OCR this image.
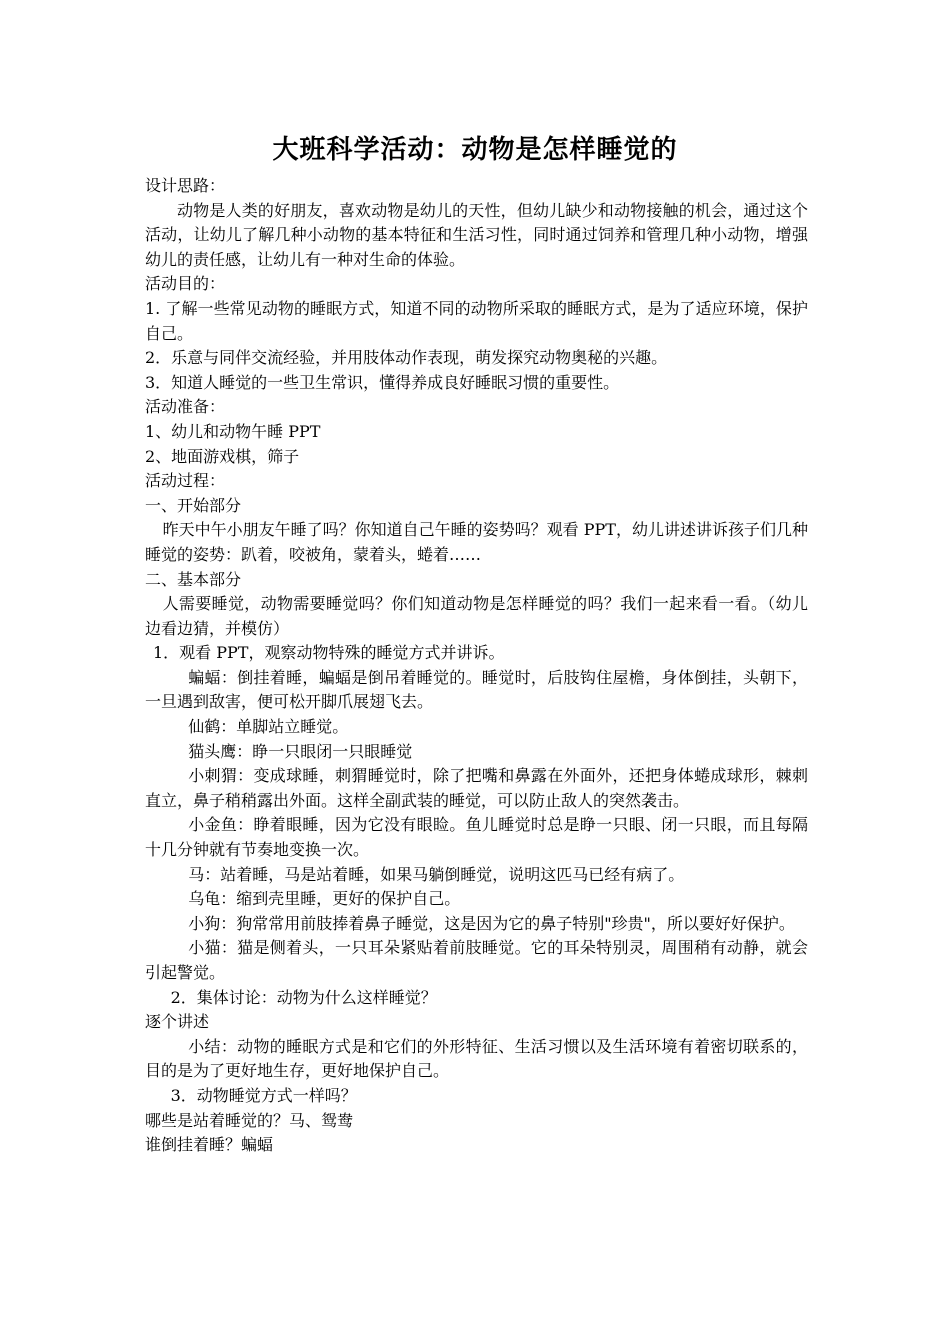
大班科学活动：动物是怎样睡觉的

设计思路：

动物是人类的好朋友，喜欢动物是幼儿的天性，但幼儿缺少和动物接触的机会，通过这个活动，让幼儿了解几种小动物的基本特征和生活习性，同时通过饲养和管理几种小动物，增强幼儿的责任感，让幼儿有一种对生命的体验。

活动目的：

1. 了解一些常见动物的睡眠方式，知道不同的动物所采取的睡眠方式，是为了适应环境，保护自己。

2．乐意与同伴交流经验，并用肢体动作表现，萌发探究动物奥秘的兴趣。

3．知道人睡觉的一些卫生常识，懂得养成良好睡眠习惯的重要性。

活动准备：

1、幼儿和动物午睡 PPT

2、地面游戏棋，筛子

活动过程：

一、开始部分

昨天中午小朋友午睡了吗？你知道自己午睡的姿势吗？观看 PPT，幼儿讲述讲诉孩子们几种睡觉的姿势：趴着，咬被角，蒙着头，蜷着……

二、基本部分

人需要睡觉，动物需要睡觉吗？你们知道动物是怎样睡觉的吗？我们一起来看一看。（幼儿边看边猜，并模仿）

1．观看 PPT，观察动物特殊的睡觉方式并讲诉。

蝙蝠：倒挂着睡，蝙蝠是倒吊着睡觉的。睡觉时，后肢钩住屋檐，身体倒挂，头朝下，一旦遇到敌害，便可松开脚爪展翅飞去。

仙鹤：单脚站立睡觉。

猫头鹰：睁一只眼闭一只眼睡觉

小刺猬：变成球睡，刺猬睡觉时，除了把嘴和鼻露在外面外，还把身体蜷成球形，棘刺直立，鼻子稍稍露出外面。这样全副武装的睡觉，可以防止敌人的突然袭击。

小金鱼：睁着眼睡，因为它没有眼睑。鱼儿睡觉时总是睁一只眼、闭一只眼，而且每隔十几分钟就有节奏地变换一次。

马：站着睡，马是站着睡，如果马躺倒睡觉，说明这匹马已经有病了。

乌龟：缩到壳里睡，更好的保护自己。

小狗：狗常常用前肢捧着鼻子睡觉，这是因为它的鼻子特别"珍贵"，所以要好好保护。

小猫：猫是侧着头，一只耳朵紧贴着前肢睡觉。它的耳朵特别灵，周围稍有动静，就会引起警觉。

2．集体讨论：动物为什么这样睡觉？

逐个讲述

小结：动物的睡眠方式是和它们的外形特征、生活习惯以及生活环境有着密切联系的，目的是为了更好地生存，更好地保护自己。

3．动物睡觉方式一样吗？

哪些是站着睡觉的？马、鸳鸯

谁倒挂着睡？蝙蝠
